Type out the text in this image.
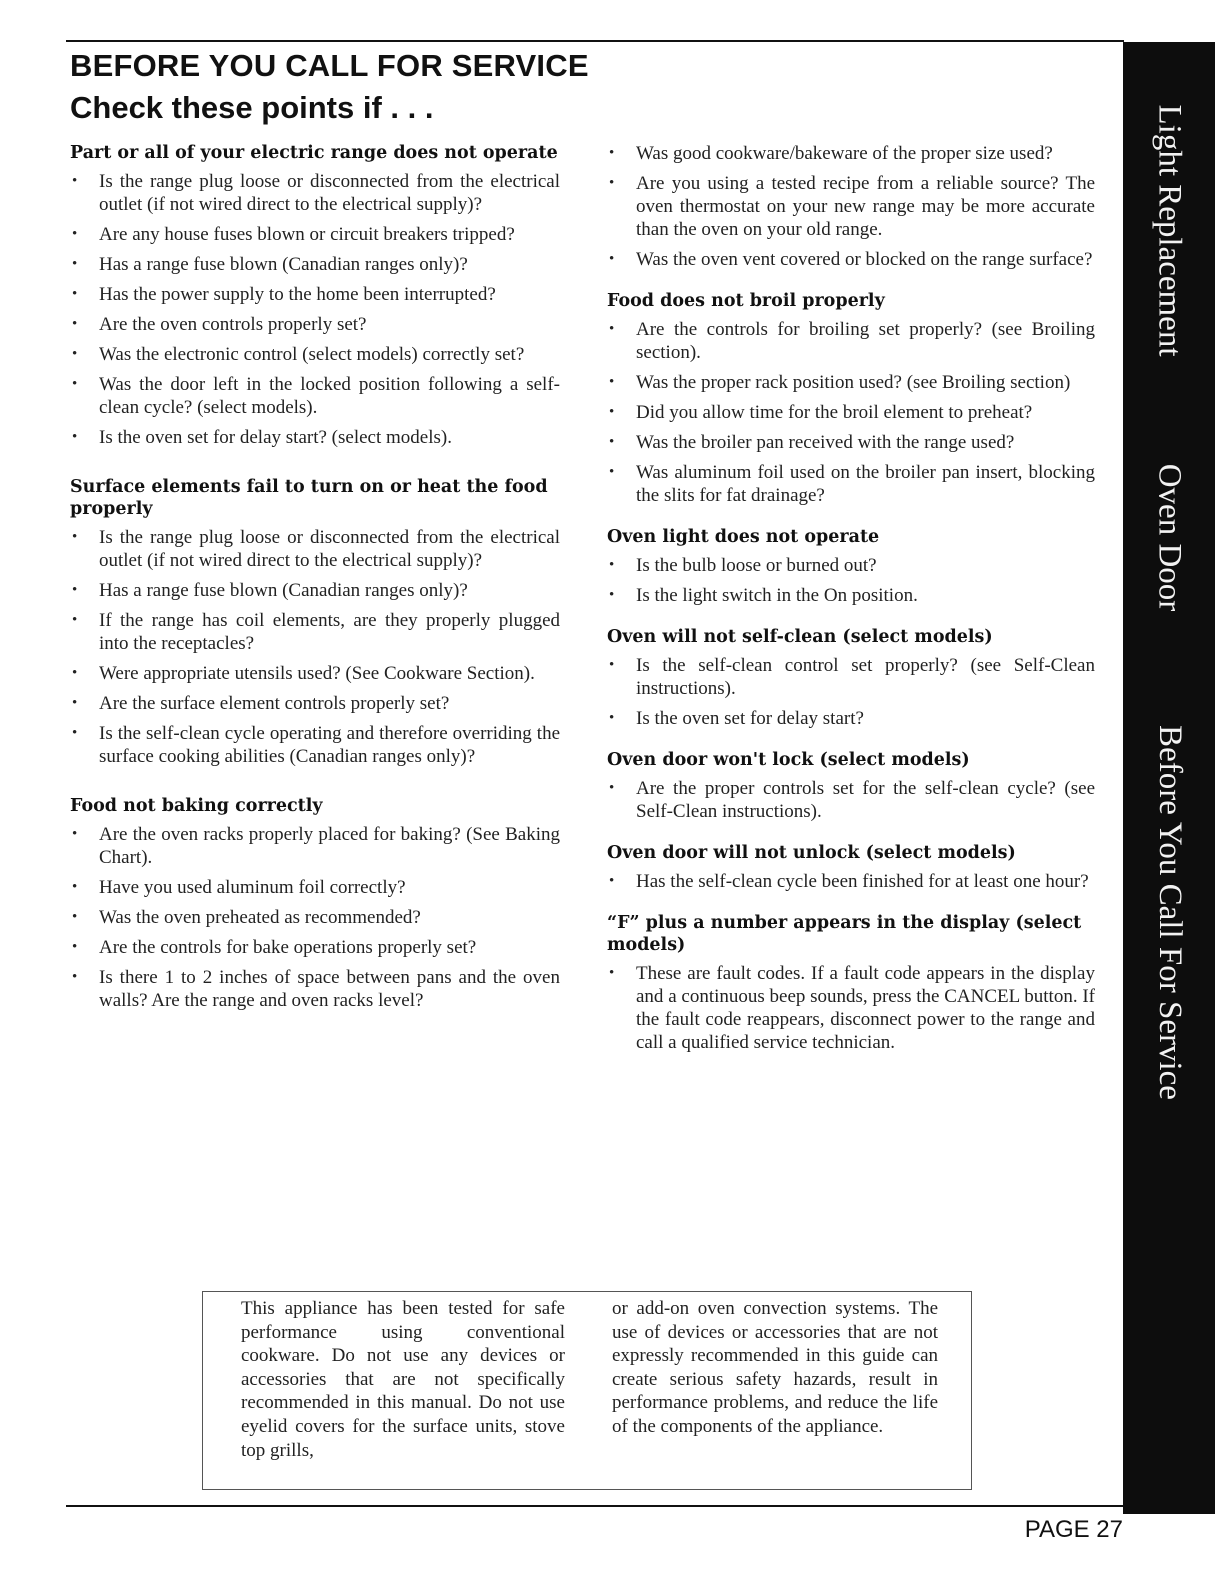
BEFORE YOU CALL FOR SERVICE
Check these points if . . .
Part or all of your electric range does not operate
• Is the range plug loose or disconnected from the electrical outlet (if not wired direct to the electrical supply)?
• Are any house fuses blown or circuit breakers tripped?
• Has a range fuse blown (Canadian ranges only)?
• Has the power supply to the home been interrupted?
• Are the oven controls properly set?
• Was the electronic control (select models) correctly set?
• Was the door left in the locked position following a self-clean cycle? (select models).
• Is the oven set for delay start? (select models).
Surface elements fail to turn on or heat the food properly
• Is the range plug loose or disconnected from the electrical outlet (if not wired direct to the electrical supply)?
• Has a range fuse blown (Canadian ranges only)?
• If the range has coil elements, are they properly plugged into the receptacles?
• Were appropriate utensils used? (See Cookware Section).
• Are the surface element controls properly set?
• Is the self-clean cycle operating and therefore overriding the surface cooking abilities (Canadian ranges only)?
Food not baking correctly
• Are the oven racks properly placed for baking? (See Baking Chart).
• Have you used aluminum foil correctly?
• Was the oven preheated as recommended?
• Are the controls for bake operations properly set?
• Is there 1 to 2 inches of space between pans and the oven walls? Are the range and oven racks level?
• Was good cookware/bakeware of the proper size used?
• Are you using a tested recipe from a reliable source? The oven thermostat on your new range may be more accurate than the oven on your old range.
• Was the oven vent covered or blocked on the range surface?
Food does not broil properly
• Are the controls for broiling set properly? (see Broiling section).
• Was the proper rack position used? (see Broiling section)
• Did you allow time for the broil element to preheat?
• Was the broiler pan received with the range used?
• Was aluminum foil used on the broiler pan insert, blocking the slits for fat drainage?
Oven light does not operate
• Is the bulb loose or burned out?
• Is the light switch in the On position.
Oven will not self-clean (select models)
• Is the self-clean control set properly? (see Self-Clean instructions).
• Is the oven set for delay start?
Oven door won't lock (select models)
• Are the proper controls set for the self-clean cycle? (see Self-Clean instructions).
Oven door will not unlock (select models)
• Has the self-clean cycle been finished for at least one hour?
“F” plus a number appears in the display (select models)
• These are fault codes. If a fault code appears in the display and a continuous beep sounds, press the CANCEL button. If the fault code reappears, disconnect power to the range and call a qualified service technician.
This appliance has been tested for safe performance using conventional cookware. Do not use any devices or accessories that are not specifically recommended in this manual. Do not use eyelid covers for the surface units, stove top grills,
or add-on oven convection systems. The use of devices or accessories that are not expressly recommended in this guide can create serious safety hazards, result in performance problems, and reduce the life of the components of the appliance.
Light Replacement
Oven Door
Before You Call For Service
PAGE 27
